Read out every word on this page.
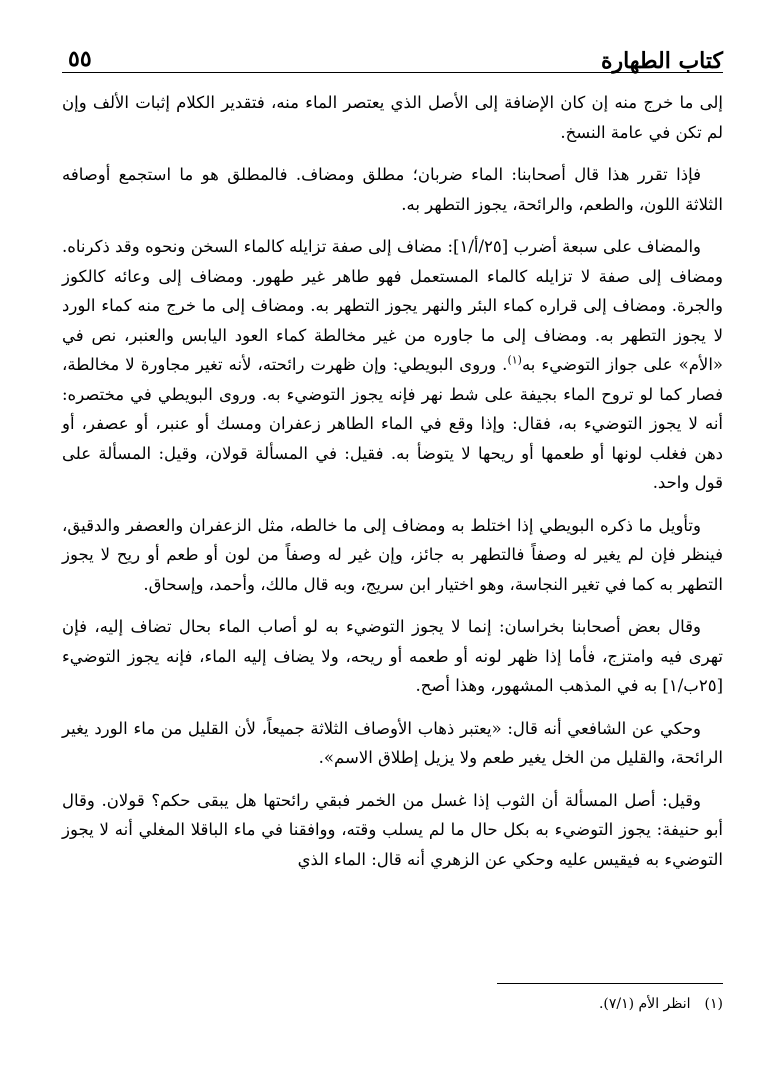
كتاب الطهارة
٥٥

إلى ما خرج منه إن كان الإضافة إلى الأصل الذي يعتصر الماء منه، فتقدير الكلام إثبات الألف وإن لم تكن في عامة النسخ.

فإذا تقرر هذا قال أصحابنا: الماء ضربان؛ مطلق ومضاف. فالمطلق هو ما استجمع أوصافه الثلاثة اللون، والطعم، والرائحة، يجوز التطهر به.

والمضاف على سبعة أضرب [٢٥/أ/١]: مضاف إلى صفة تزايله كالماء السخن ونحوه وقد ذكرناه. ومضاف إلى صفة لا تزايله كالماء المستعمل فهو طاهر غير طهور. ومضاف إلى وعائه كالكوز والجرة. ومضاف إلى قراره كماء البئر والنهر يجوز التطهر به. ومضاف إلى ما خرج منه كماء الورد لا يجوز التطهر به. ومضاف إلى ما جاوره من غير مخالطة كماء العود اليابس والعنبر، نص في «الأم» على جواز التوضيء به$^{(١)}$. وروى البويطي: وإن ظهرت رائحته، لأنه تغير مجاورة لا مخالطة، فصار كما لو تروح الماء بجيفة على شط نهر فإنه يجوز التوضيء به. وروى البويطي في مختصره: أنه لا يجوز التوضيء به، فقال: وإذا وقع في الماء الطاهر زعفران ومسك أو عنبر، أو عصفر، أو دهن فغلب لونها أو طعمها أو ريحها لا يتوضأ به. فقيل: في المسألة قولان، وقيل: المسألة على قول واحد.

وتأويل ما ذكره البويطي إذا اختلط به ومضاف إلى ما خالطه، مثل الزعفران والعصفر والدقيق، فينظر فإن لم يغير له وصفاً فالتطهر به جائز، وإن غير له وصفاً من لون أو طعم أو ريح لا يجوز التطهر به كما في تغير النجاسة، وهو اختيار ابن سريج، وبه قال مالك، وأحمد، وإسحاق.

وقال بعض أصحابنا بخراسان: إنما لا يجوز التوضيء به لو أصاب الماء بحال تضاف إليه، فإن تهرى فيه وامتزج، فأما إذا ظهر لونه أو طعمه أو ريحه، ولا يضاف إليه الماء، فإنه يجوز التوضيء [٢٥ب/١] به في المذهب المشهور، وهذا أصح.

وحكي عن الشافعي أنه قال: «يعتبر ذهاب الأوصاف الثلاثة جميعاً، لأن القليل من ماء الورد يغير الرائحة، والقليل من الخل يغير طعم ولا يزيل إطلاق الاسم».

وقيل: أصل المسألة أن الثوب إذا غسل من الخمر فبقي رائحتها هل يبقى حكم؟ قولان. وقال أبو حنيفة: يجوز التوضيء به بكل حال ما لم يسلب وقته، ووافقنا في ماء الباقلا المغلي أنه لا يجوز التوضيء به فيقيس عليه وحكي عن الزهري أنه قال: الماء الذي

(١)انظر الأم (٧/١).
